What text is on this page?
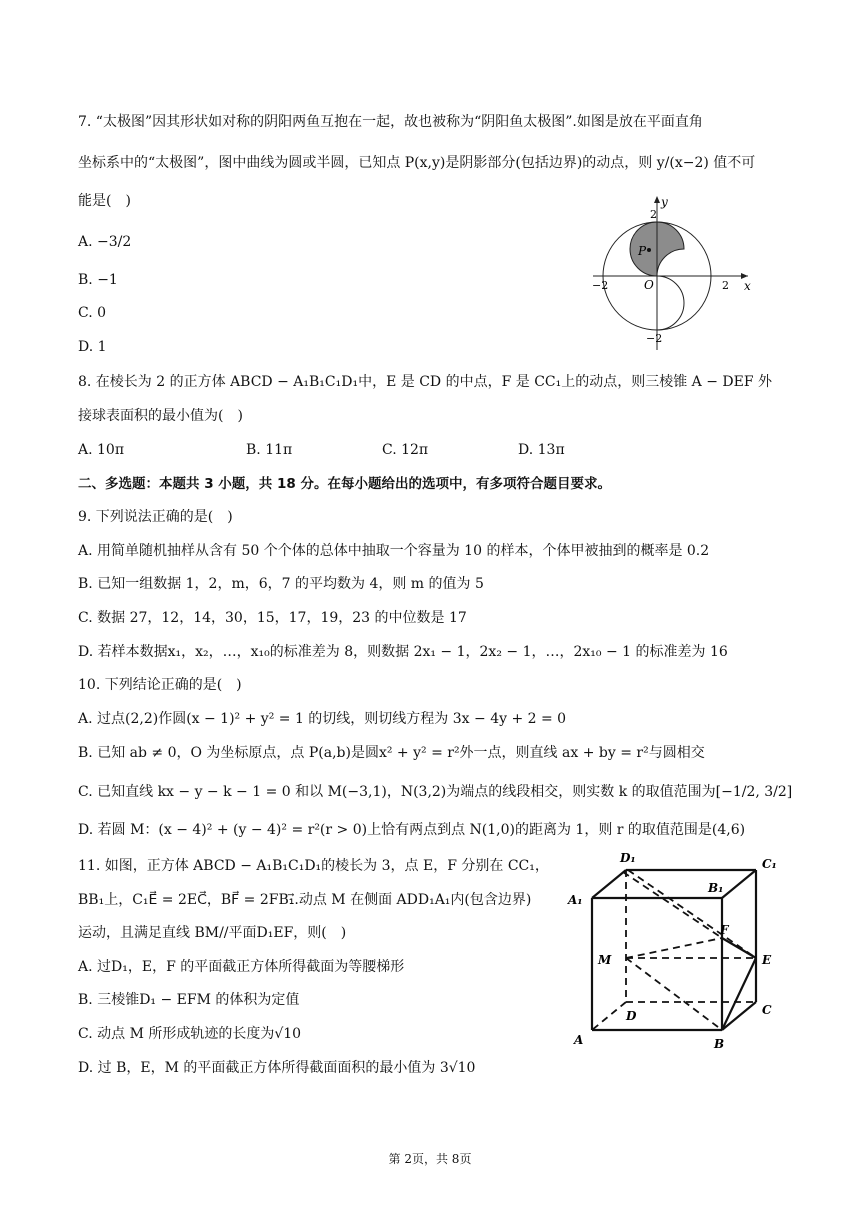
7. “太极图”因其形状如对称的阴阳两鱼互抱在一起，故也被称为“阴阳鱼太极图”.如图是放在平面直角
坐标系中的“太极图”，图中曲线为圆或半圆，已知点 P(x,y)是阴影部分(包括边界)的动点，则 y/(x−2) 值不可
能是(　)
A. −3/2
B. −1
C. 0
D. 1
P
y
x
2
2
−2
−2
O
8. 在棱长为 2 的正方体 ABCD − A₁B₁C₁D₁中，E 是 CD 的中点，F 是 CC₁上的动点，则三棱锥 A − DEF 外
接球表面积的最小值为(　)
A. 10π	B. 11π	C. 12π	D. 13π
二、多选题：本题共 3 小题，共 18 分。在每小题给出的选项中，有多项符合题目要求。
9. 下列说法正确的是(　)
A. 用简单随机抽样从含有 50 个个体的总体中抽取一个容量为 10 的样本，个体甲被抽到的概率是 0.2
B. 已知一组数据 1，2，m，6，7 的平均数为 4，则 m 的值为 5
C. 数据 27，12，14，30，15，17，19，23 的中位数是 17
D. 若样本数据x₁，x₂，…，x₁₀的标准差为 8，则数据 2x₁ − 1，2x₂ − 1，…，2x₁₀ − 1 的标准差为 16
10. 下列结论正确的是(　)
A. 过点(2,2)作圆(x − 1)² + y² = 1 的切线，则切线方程为 3x − 4y + 2 = 0
B. 已知 ab ≠ 0，O 为坐标原点，点 P(a,b)是圆x² + y² = r²外一点，则直线 ax + by = r²与圆相交
C. 已知直线 kx − y − k − 1 = 0 和以 M(−3,1)，N(3,2)为端点的线段相交，则实数 k 的取值范围为[−1/2, 3/2]
D. 若圆 M：(x − 4)² + (y − 4)² = r²(r > 0)上恰有两点到点 N(1,0)的距离为 1，则 r 的取值范围是(4,6)
11. 如图，正方体 ABCD − A₁B₁C₁D₁的棱长为 3，点 E，F 分别在 CC₁，
BB₁上，C₁E⃗ = 2EC⃗，BF⃗ = 2FB₁⃗.动点 M 在侧面 ADD₁A₁内(包含边界)
运动，且满足直线 BM//平面D₁EF，则(　)
A. 过D₁，E，F 的平面截正方体所得截面为等腰梯形
B. 三棱锥D₁ − EFM 的体积为定值
C. 动点 M 所形成轨迹的长度为√10
D. 过 B，E，M 的平面截正方体所得截面面积的最小值为 3√10
D₁	C₁
A₁
B₁
F
M	E
D	C
A	B
第 2页，共 8页
